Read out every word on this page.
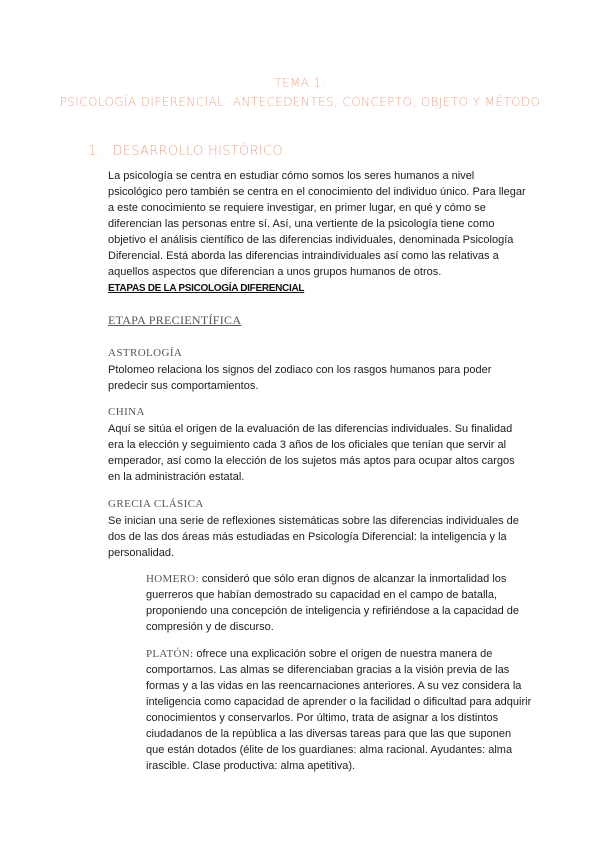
TEMA 1:
PSICOLOGÍA DIFERENCIAL: ANTECEDENTES, CONCEPTO, OBJETO Y MÉTODO
1. DESARROLLO HISTÓRICO
La psicología se centra en estudiar cómo somos los seres humanos a nivel psicológico pero también se centra en el conocimiento del individuo único. Para llegar a este conocimiento se requiere investigar, en primer lugar, en qué y cómo se diferencian las personas entre sí. Así, una vertiente de la psicología tiene como objetivo el análisis científico de las diferencias individuales, denominada Psicología Diferencial. Está aborda las diferencias intraindividuales así como las relativas a aquellos aspectos que diferencian a unos grupos humanos de otros.
ETAPAS DE LA PSICOLOGÍA DIFERENCIAL
ETAPA PRECIENTÍFICA
ASTROLOGÍA
Ptolomeo relaciona los signos del zodiaco con los rasgos humanos para poder predecir sus comportamientos.
CHINA
Aquí se sitúa el origen de la evaluación de las diferencias individuales. Su finalidad era la elección y seguimiento cada 3 años de los oficiales que tenían que servir al emperador, así como la elección de los sujetos más aptos para ocupar altos cargos en la administración estatal.
GRECIA CLÁSICA
Se inician una serie de reflexiones sistemáticas sobre las diferencias individuales de dos de las dos áreas más estudiadas en Psicología Diferencial: la inteligencia y la personalidad.
HOMERO: consideró que sólo eran dignos de alcanzar la inmortalidad los guerreros que habían demostrado su capacidad en el campo de batalla, proponiendo una concepción de inteligencia y refiriéndose a la capacidad de compresión y de discurso.
PLATÓN: ofrece una explicación sobre el origen de nuestra manera de comportarnos. Las almas se diferenciaban gracias a la visión previa de las formas y a las vidas en las reencarnaciones anteriores. A su vez considera la inteligencia como capacidad de aprender o la facilidad o dificultad para adquirir conocimientos y conservarlos. Por último, trata de asignar a los distintos ciudadanos de la república a las diversas tareas para que las que suponen que están dotados (élite de los guardianes: alma racional. Ayudantes: alma irascible. Clase productiva: alma apetitiva).
